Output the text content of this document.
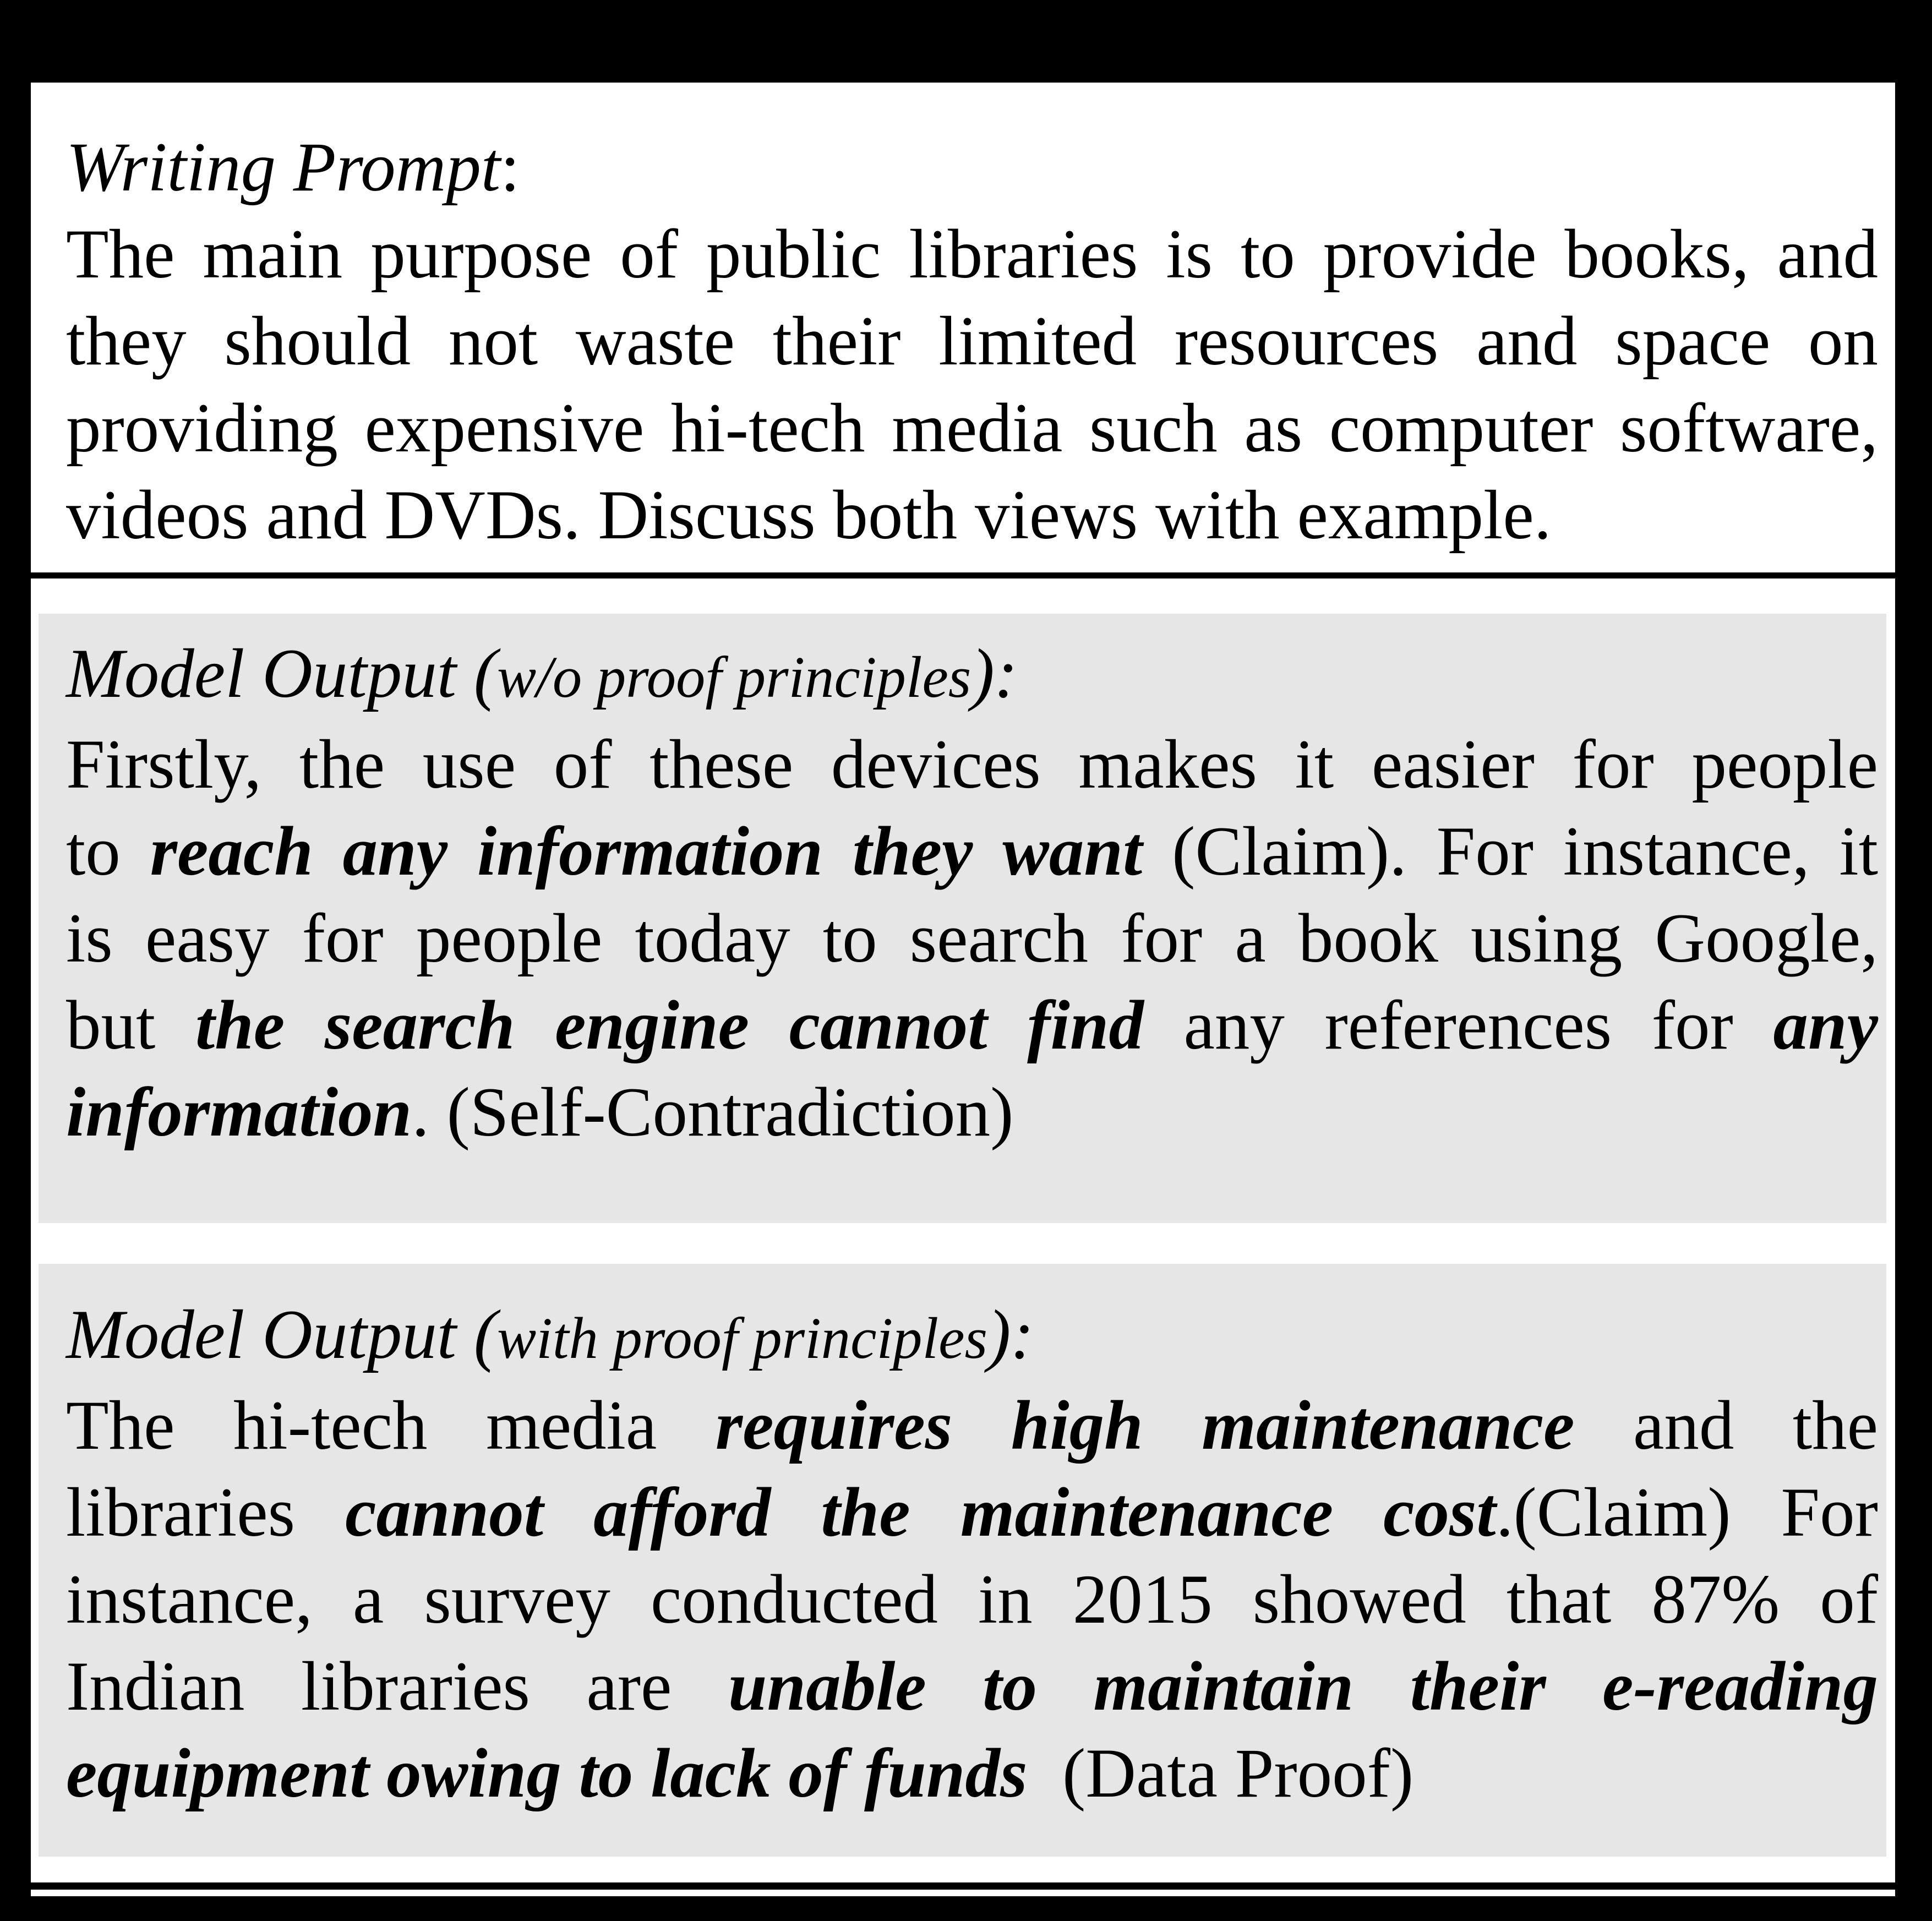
Writing Prompt:
The main purpose of public libraries is to provide books, and
they should not waste their limited resources and space on
providing expensive hi-tech media such as computer software,
videos and DVDs. Discuss both views with example.
Model Output (w/o proof principles):
Firstly, the use of these devices makes it easier for people
to reach any information they want (Claim). For instance, it
is easy for people today to search for a book using Google,
but the search engine cannot find any references for any
information. (Self-Contradiction)
Model Output (with proof principles):
The hi-tech media requires high maintenance and the
libraries cannot afford the maintenance cost.(Claim) For
instance, a survey conducted in 2015 showed that 87% of
Indian libraries are unable to maintain their e-reading
equipment owing to lack of funds  (Data Proof)
